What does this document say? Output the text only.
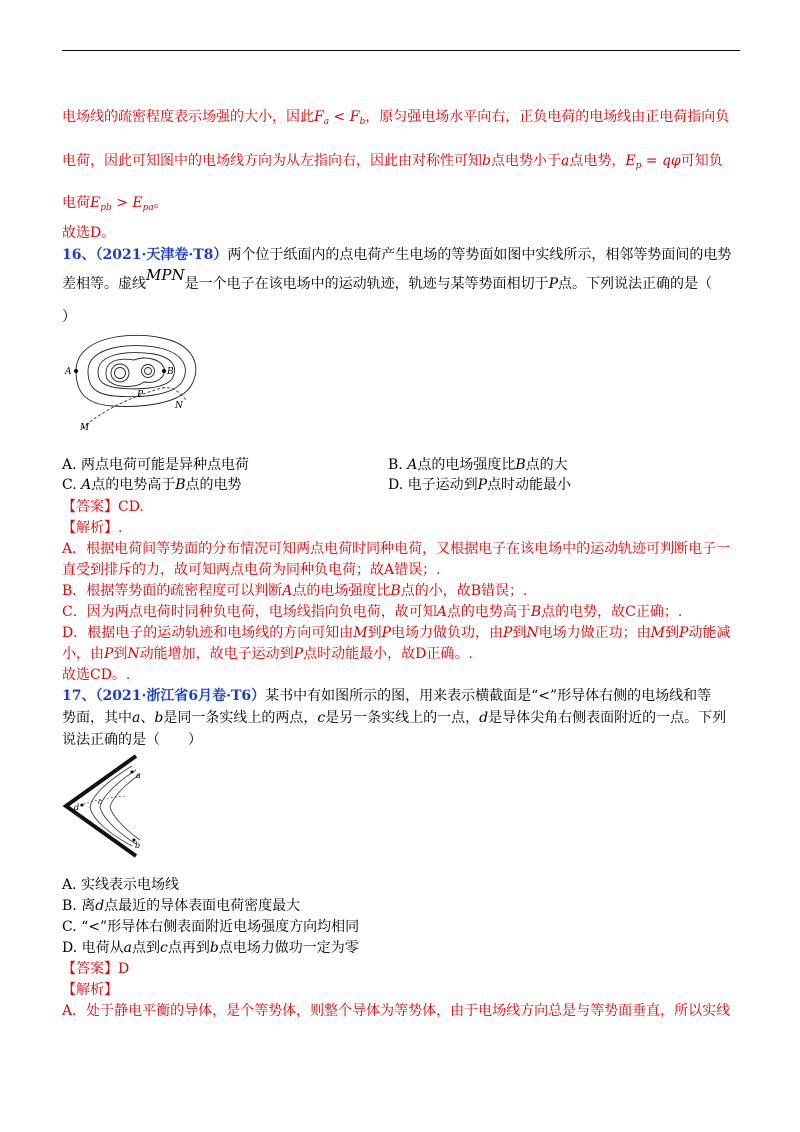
电场线的疏密程度表示场强的大小，因此$F_a < F_b$，原匀强电场水平向右，正负电荷的电场线由正电荷指向负
电荷，因此可知图中的电场线方向为从左指向右，因此由对称性可知b点电势小于a点电势，$E_p = q\varphi$可知负
电荷$E_{pb} > E_{pa}$。
故选D。
16、（2021·天津卷·T8）两个位于纸面内的点电荷产生电场的等势面如图中实线所示，相邻等势面间的电势
差相等。虚线MPN是一个电子在该电场中的运动轨迹，轨迹与某等势面相切于P点。下列说法正确的是（
）
A	B
P
N
M
A. 两点电荷可能是异种点电荷	B. A点的电场强度比B点的大
C. A点的电势高于B点的电势	D. 电子运动到P点时动能最小
【答案】CD.
【解析】.
A．根据电荷间等势面的分布情况可知两点电荷时同种电荷，又根据电子在该电场中的运动轨迹可判断电子一
直受到排斥的力，故可知两点电荷为同种负电荷；故A错误；.
B．根据等势面的疏密程度可以判断A点的电场强度比B点的小，故B错误；.
C．因为两点电荷时同种负电荷，电场线指向负电荷，故可知A点的电势高于B点的电势，故C正确；.
D．根据电子的运动轨迹和电场线的方向可知由M到P电场力做负功，由P到N电场力做正功；由M到P动能减
小，由P到N动能增加，故电子运动到P点时动能最小，故D正确。.
故选CD。.
17、（2021·浙江省6月卷·T6）某书中有如图所示的图，用来表示横截面是“<”形导体右侧的电场线和等
势面，其中a、b是同一条实线上的两点，c是另一条实线上的一点，d是导体尖角右侧表面附近的一点。下列
说法正确的是（　　）
a
d
c
b
A. 实线表示电场线
B. 离d点最近的导体表面电荷密度最大
C. “<”形导体右侧表面附近电场强度方向均相同
D. 电荷从a点到c点再到b点电场力做功一定为零
【答案】D
【解析】
A．处于静电平衡的导体，是个等势体，则整个导体为等势体，由于电场线方向总是与等势面垂直，所以实线
